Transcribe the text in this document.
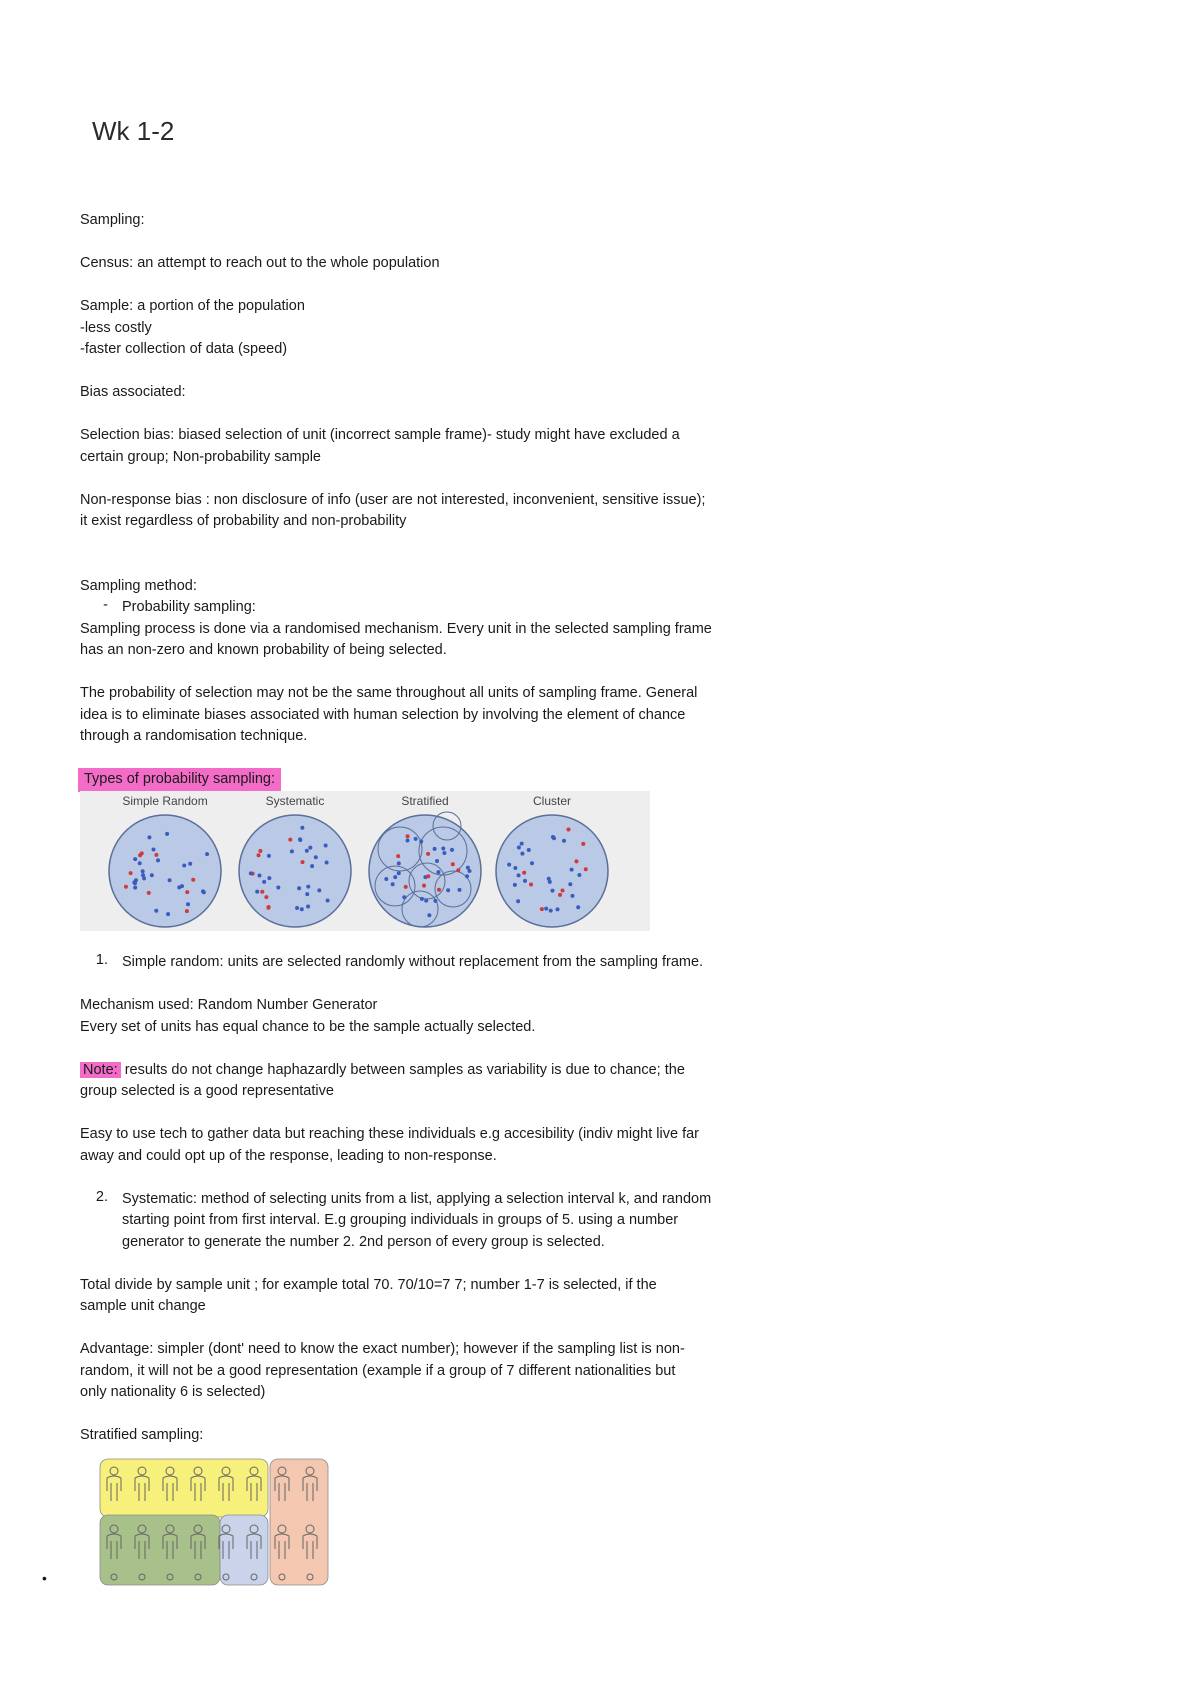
Wk 1-2

Sampling:

Census: an attempt to reach out to the whole population

Sample: a portion of the population

-less costly

-faster collection of data (speed)

Bias associated:

Selection bias: biased selection of unit (incorrect sample frame)- study might have excluded a

certain group; Non-probability sample

Non-response bias : non disclosure of info (user are not interested, inconvenient, sensitive issue);

it exist regardless of probability and non-probability

Sampling method:

- Probability sampling:

Sampling process is done via a randomised mechanism. Every unit in the selected sampling frame

has an non-zero and known probability of being selected.

The probability of selection may not be the same throughout all units of sampling frame. General

idea is to eliminate biases associated with human selection by involving the element of chance

through a randomisation technique.

Types of probability sampling:

Simple Random	Systematic	Stratified	Cluster
1. Simple random: units are selected randomly without replacement from the sampling frame.

Mechanism used: Random Number Generator

Every set of units has equal chance to be the sample actually selected.

Note: results do not change haphazardly between samples as variability is due to chance; the

group selected is a good representative

Easy to use tech to gather data but reaching these individuals e.g accesibility (indiv might live far

away and could opt up of the response, leading to non-response.

2. Systematic: method of selecting units from a list, applying a selection interval k, and random
starting point from first interval. E.g grouping individuals in groups of 5. using a number
generator to generate the number 2. 2nd person of every group is selected.

Total divide by sample unit ; for example total 70. 70/10=7 7; number 1-7 is selected, if the

sample unit change

Advantage: simpler (dont' need to know the exact number); however if the sampling list is non-

random, it will not be a good representation (example if a group of 7 different nationalities but

only nationality 6 is selected)

Stratified sampling:

•
